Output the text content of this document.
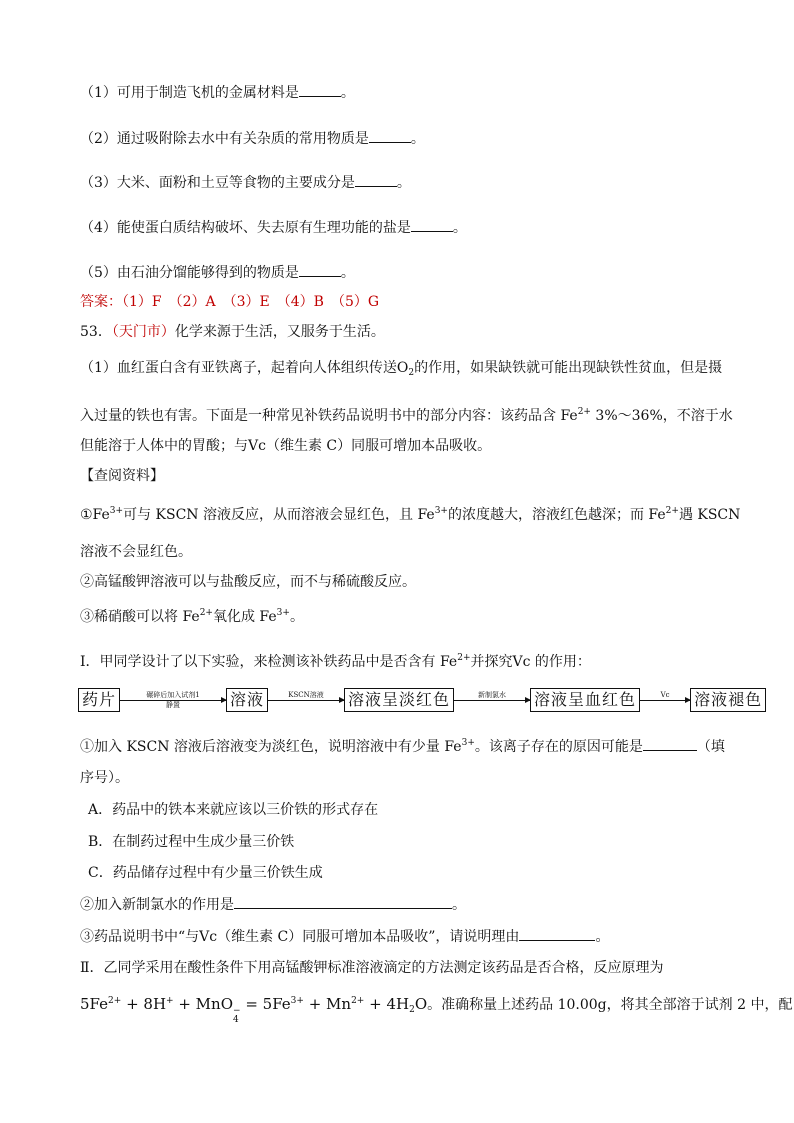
（1）可用于制造飞机的金属材料是	。
（2）通过吸附除去水中有关杂质的常用物质是	。
（3）大米、面粉和土豆等食物的主要成分是	。
（4）能使蛋白质结构破坏、失去原有生理功能的盐是	。
（5）由石油分馏能够得到的物质是	。
答案：（1）F　（2）A　（3）E　（4）B　（5）G
53．（天门市）化学来源于生活，又服务于生活。
（1）血红蛋白含有亚铁离子，起着向人体组织传送$O_2$的作用，如果缺铁就可能出现缺铁性贫血，但是摄
入过量的铁也有害。下面是一种常见补铁药品说明书中的部分内容：该药品含 $Fe^{2+}$ 3%～36%，不溶于水
但能溶于人体中的胃酸；与Vc（维生素 C）同服可增加本品吸收。
【查阅资料】
$①Fe^{3+}$可与 KSCN 溶液反应，从而溶液会显红色，且 $Fe^{3+}$的浓度越大，溶液红色越深；而 $Fe^{2+}$遇 KSCN
溶液不会显红色。
②高锰酸钾溶液可以与盐酸反应，而不与稀硫酸反应。
③稀硝酸可以将 $Fe^{2+}$氧化成 $Fe^{3+}$。
Ⅰ．甲同学设计了以下实验，来检测该补铁药品中是否含有 $Fe^{2+}$并探究Vc 的作用：
药片	碾碎后加入试剂1
静置	溶液	KSCN溶液 溶液呈淡红色	新制氯水 溶液呈血红色	Vc 溶液褪色
①加入 KSCN 溶液后溶液变为淡红色，说明溶液中有少量 $Fe^{3+}$。该离子存在的原因可能是	（填
序号）。
A．药品中的铁本来就应该以三价铁的形式存在
B．在制药过程中生成少量三价铁
C．药品储存过程中有少量三价铁生成
②加入新制氯水的作用是	。
③药品说明书中“与Vc（维生素 C）同服可增加本品吸收”，请说明理由	。
Ⅱ．乙同学采用在酸性条件下用高锰酸钾标准溶液滴定的方法测定该药品是否合格，反应原理为
$5Fe^{2+} + 8H^+$ + MnO −
4
= $5Fe^{3+} + Mn^{2+} + 4H_2O$。准确称量上述药品 10.00g，将其全部溶于试剂 2 中，配
